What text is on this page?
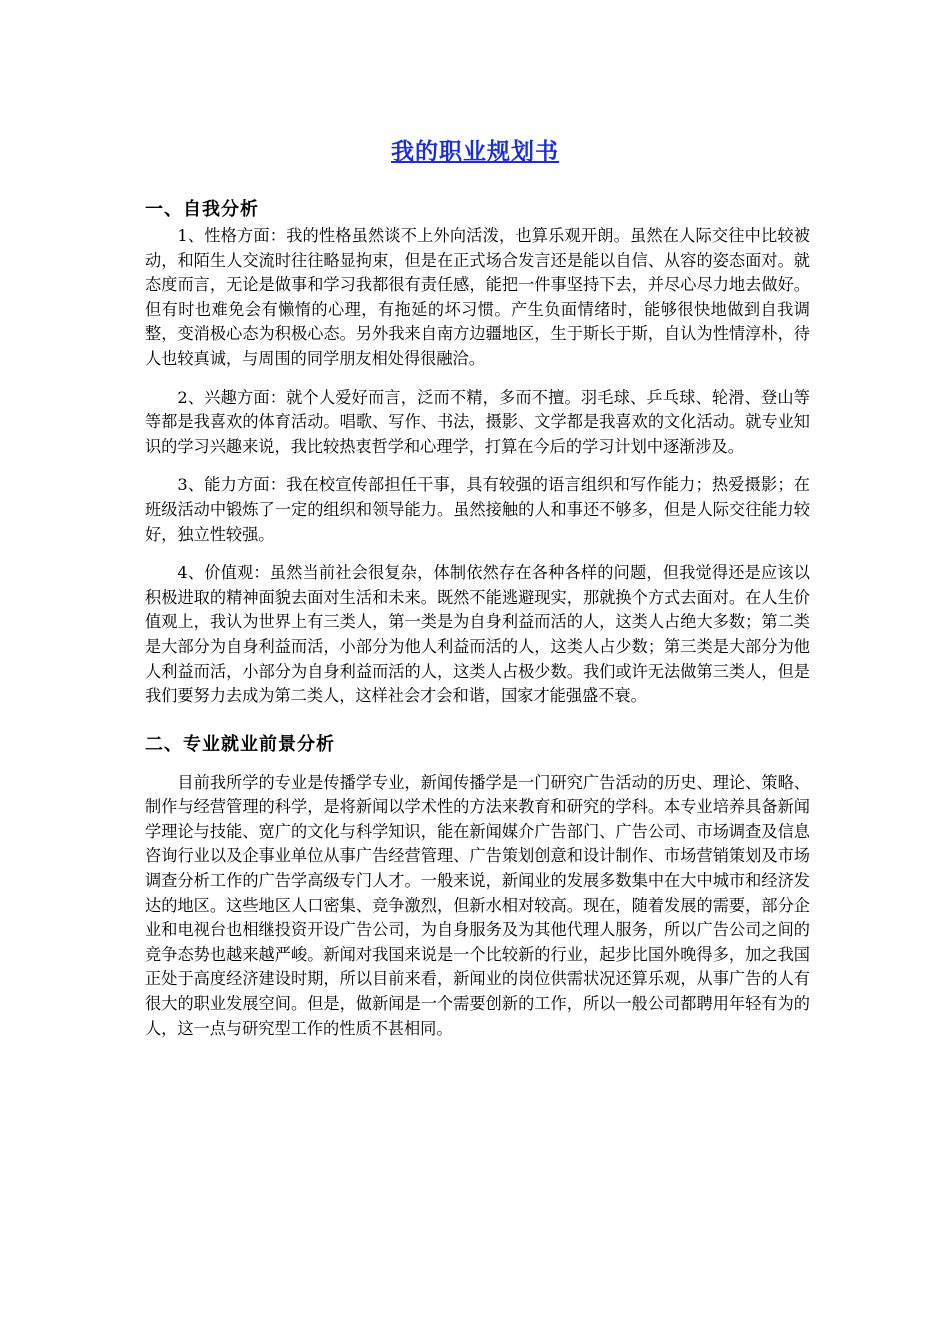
我的职业规划书
一、自我分析

1、性格方面：我的性格虽然谈不上外向活泼，也算乐观开朗。虽然在人际交往中比较被动，和陌生人交流时往往略显拘束，但是在正式场合发言还是能以自信、从容的姿态面对。就态度而言，无论是做事和学习我都很有责任感，能把一件事坚持下去，并尽心尽力地去做好。但有时也难免会有懒惰的心理，有拖延的坏习惯。产生负面情绪时，能够很快地做到自我调整，变消极心态为积极心态。另外我来自南方边疆地区，生于斯长于斯，自认为性情淳朴，待人也较真诚，与周围的同学朋友相处得很融洽。

2、兴趣方面：就个人爱好而言，泛而不精，多而不擅。羽毛球、乒乓球、轮滑、登山等等都是我喜欢的体育活动。唱歌、写作、书法，摄影、文学都是我喜欢的文化活动。就专业知识的学习兴趣来说，我比较热衷哲学和心理学，打算在今后的学习计划中逐渐涉及。

3、能力方面：我在校宣传部担任干事，具有较强的语言组织和写作能力；热爱摄影；在班级活动中锻炼了一定的组织和领导能力。虽然接触的人和事还不够多，但是人际交往能力较好，独立性较强。

4、价值观：虽然当前社会很复杂，体制依然存在各种各样的问题，但我觉得还是应该以积极进取的精神面貌去面对生活和未来。既然不能逃避现实，那就换个方式去面对。在人生价值观上，我认为世界上有三类人，第一类是为自身利益而活的人，这类人占绝大多数；第二类是大部分为自身利益而活，小部分为他人利益而活的人，这类人占少数；第三类是大部分为他人利益而活，小部分为自身利益而活的人，这类人占极少数。我们或许无法做第三类人，但是我们要努力去成为第二类人，这样社会才会和谐，国家才能强盛不衰。

二、专业就业前景分析

目前我所学的专业是传播学专业，新闻传播学是一门研究广告活动的历史、理论、策略、制作与经营管理的科学，是将新闻以学术性的方法来教育和研究的学科。本专业培养具备新闻学理论与技能、宽广的文化与科学知识，能在新闻媒介广告部门、广告公司、市场调查及信息咨询行业以及企事业单位从事广告经营管理、广告策划创意和设计制作、市场营销策划及市场调查分析工作的广告学高级专门人才。一般来说，新闻业的发展多数集中在大中城市和经济发达的地区。这些地区人口密集、竞争激烈，但新水相对较高。现在，随着发展的需要，部分企业和电视台也相继投资开设广告公司，为自身服务及为其他代理人服务，所以广告公司之间的竞争态势也越来越严峻。新闻对我国来说是一个比较新的行业，起步比国外晚得多，加之我国正处于高度经济建设时期，所以目前来看，新闻业的岗位供需状况还算乐观，从事广告的人有很大的职业发展空间。但是，做新闻是一个需要创新的工作，所以一般公司都聘用年轻有为的人，这一点与研究型工作的性质不甚相同。
